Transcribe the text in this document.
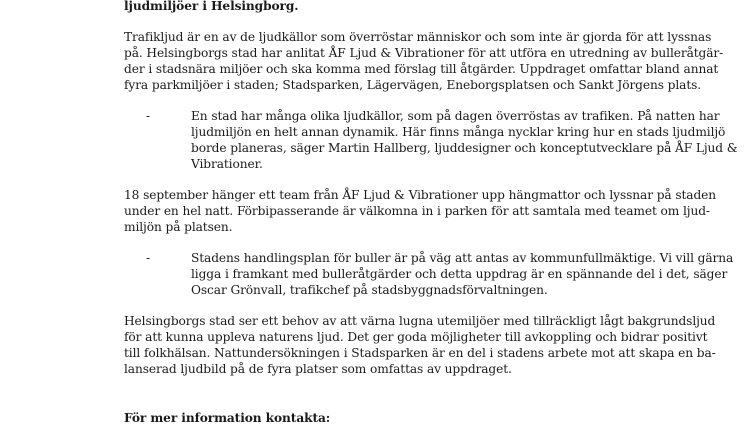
ljudmiljöer i Helsingborg.
Trafikljud är en av de ljudkällor som överröstar människor och som inte är gjorda för att lyssnas
på. Helsingborgs stad har anlitat ÅF Ljud & Vibrationer för att utföra en utredning av bulleråtgär-
der i stadsnära miljöer och ska komma med förslag till åtgärder. Uppdraget omfattar bland annat
fyra parkmiljöer i staden; Stadsparken, Lägervägen, Eneborgsplatsen och Sankt Jörgens plats.
-	En stad har många olika ljudkällor, som på dagen överröstas av trafiken. På natten har
ljudmiljön en helt annan dynamik. Här finns många nycklar kring hur en stads ljudmiljö
borde planeras, säger Martin Hallberg, ljuddesigner och konceptutvecklare på ÅF Ljud &
Vibrationer.
18 september hänger ett team från ÅF Ljud & Vibrationer upp hängmattor och lyssnar på staden
under en hel natt. Förbipasserande är välkomna in i parken för att samtala med teamet om ljud-
miljön på platsen.
-	Stadens handlingsplan för buller är på väg att antas av kommunfullmäktige. Vi vill gärna
ligga i framkant med bulleråtgärder och detta uppdrag är en spännande del i det, säger
Oscar Grönvall, trafikchef på stadsbyggnadsförvaltningen.
Helsingborgs stad ser ett behov av att värna lugna utemiljöer med tillräckligt lågt bakgrundsljud
för att kunna uppleva naturens ljud. Det ger goda möjligheter till avkoppling och bidrar positivt
till folkhälsan. Nattundersökningen i Stadsparken är en del i stadens arbete mot att skapa en ba-
lanserad ljudbild på de fyra platser som omfattas av uppdraget.
För mer information kontakta:
